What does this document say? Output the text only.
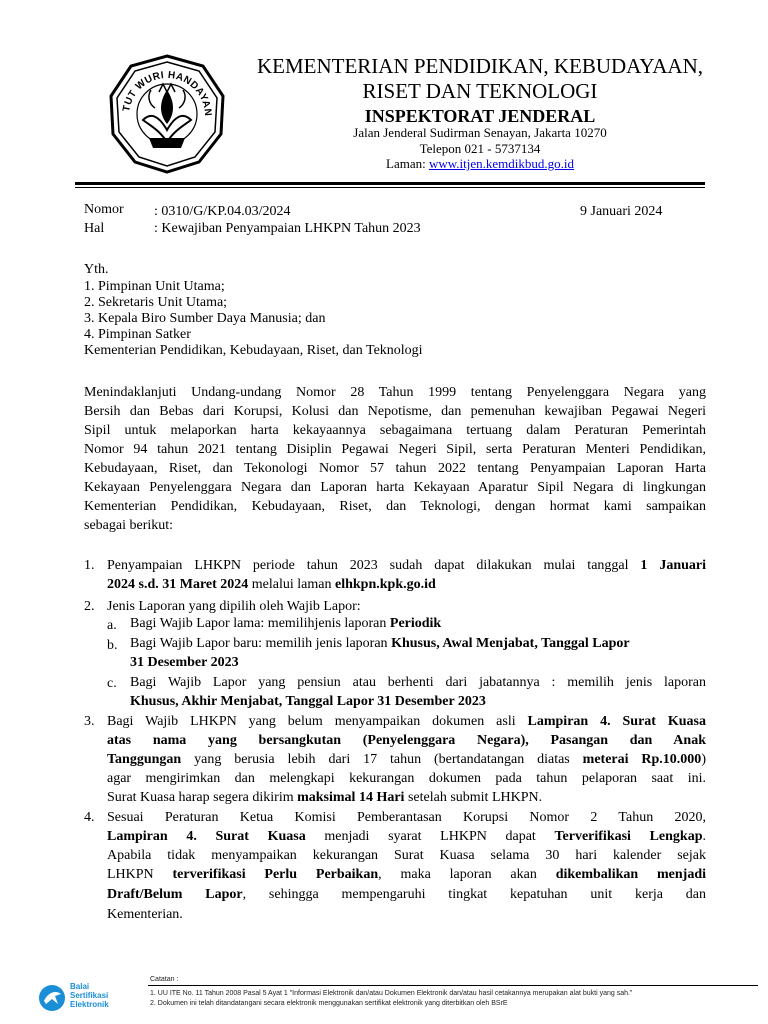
TUT WURI HANDAYAN
KEMENTERIAN PENDIDIKAN, KEBUDAYAAN,
RISET DAN TEKNOLOGI
INSPEKTORAT JENDERAL
Jalan Jenderal Sudirman Senayan, Jakarta 10270
Telepon 021 - 5737134
Laman: www.itjen.kemdikbud.go.id
Nomor : 0310/G/KP.04.03/2024	9 Januari 2024
Hal	: Kewajiban Penyampaian LHKPN Tahun 2023
Yth.
1. Pimpinan Unit Utama;
2. Sekretaris Unit Utama;
3. Kepala Biro Sumber Daya Manusia; dan
4. Pimpinan Satker
Kementerian Pendidikan, Kebudayaan, Riset, dan Teknologi
Menindaklanjuti Undang-undang Nomor 28 Tahun 1999 tentang Penyelenggara Negara yang
Bersih dan Bebas dari Korupsi, Kolusi dan Nepotisme, dan pemenuhan kewajiban Pegawai Negeri
Sipil untuk melaporkan harta kekayaannya sebagaimana tertuang dalam Peraturan Pemerintah
Nomor 94 tahun 2021 tentang Disiplin Pegawai Negeri Sipil, serta Peraturan Menteri Pendidikan,
Kebudayaan, Riset, dan Tekonologi Nomor 57 tahun 2022 tentang Penyampaian Laporan Harta
Kekayaan Penyelenggara Negara dan Laporan harta Kekayaan Aparatur Sipil Negara di lingkungan
Kementerian Pendidikan, Kebudayaan, Riset, dan Teknologi, dengan hormat kami sampaikan
sebagai berikut:
1. Penyampaian LHKPN periode tahun 2023 sudah dapat dilakukan mulai tanggal 1 Januari
2024 s.d. 31 Maret 2024 melalui laman elhkpn.kpk.go.id
2. Jenis Laporan yang dipilih oleh Wajib Lapor:
a. Bagi Wajib Lapor lama: memilihjenis laporan Periodik
b. Bagi Wajib Lapor baru: memilih jenis laporan Khusus, Awal Menjabat, Tanggal Lapor
31 Desember 2023
c. Bagi Wajib Lapor yang pensiun atau berhenti dari jabatannya : memilih jenis laporan
Khusus, Akhir Menjabat, Tanggal Lapor 31 Desember 2023
3. Bagi Wajib LHKPN yang belum menyampaikan dokumen asli Lampiran 4. Surat Kuasa
atas nama yang bersangkutan (Penyelenggara Negara), Pasangan dan Anak
Tanggungan yang berusia lebih dari 17 tahun (bertandatangan diatas meterai Rp.10.000)
agar mengirimkan dan melengkapi kekurangan dokumen pada tahun pelaporan saat ini.
Surat Kuasa harap segera dikirim maksimal 14 Hari setelah submit LHKPN.
4. Sesuai Peraturan Ketua Komisi Pemberantasan Korupsi Nomor 2 Tahun 2020,
Lampiran 4. Surat Kuasa menjadi syarat LHKPN dapat Terverifikasi Lengkap.
Apabila tidak menyampaikan kekurangan Surat Kuasa selama 30 hari kalender sejak
LHKPN terverifikasi Perlu Perbaikan, maka laporan akan dikembalikan menjadi
Draft/Belum Lapor, sehingga mempengaruhi tingkat kepatuhan unit kerja dan
Kementerian.
Balai
Sertifikasi
Elektronik
Catatan :
1. UU ITE No. 11 Tahun 2008 Pasal 5 Ayat 1 "Informasi Elektronik dan/atau Dokumen Elektronik dan/atau hasil cetakannya merupakan alat bukti yang sah."
2. Dokumen ini telah ditandatangani secara elektronik menggunakan sertifikat elektronik yang diterbitkan oleh BSrE
